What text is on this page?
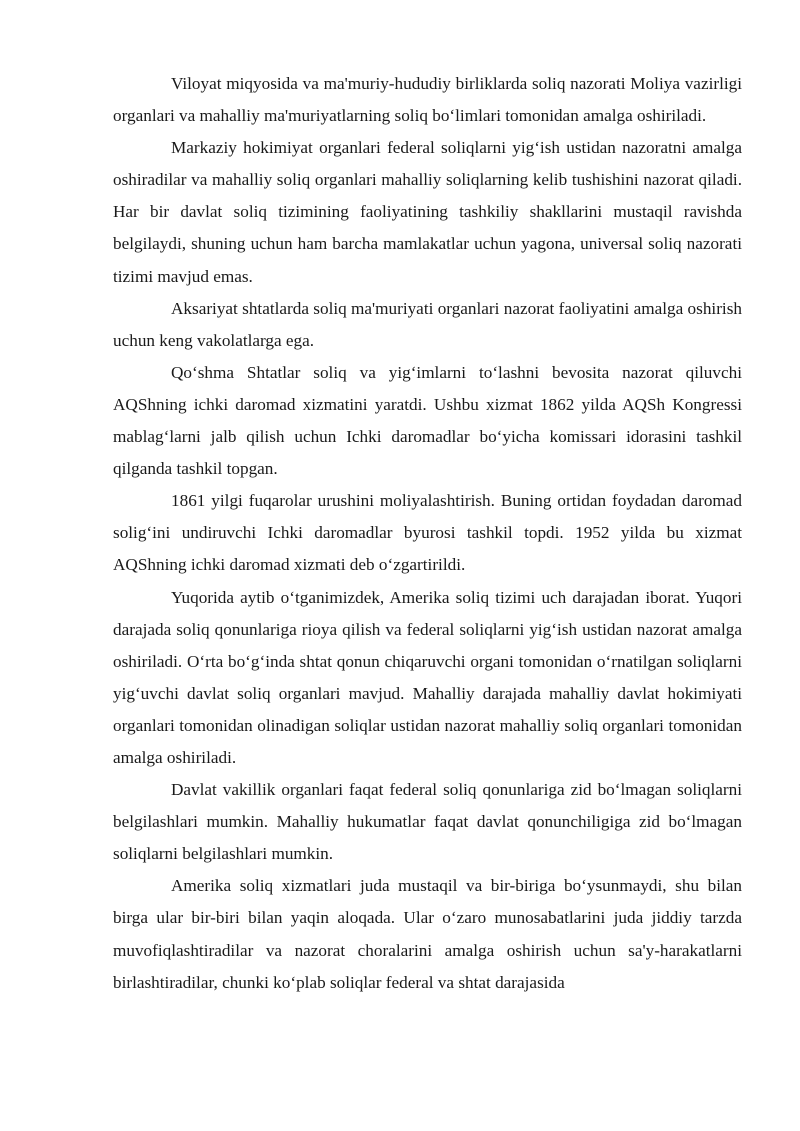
Viloyat miqyosida va ma'muriy-hududiy birliklarda soliq nazorati Moliya vazirligi organlari va mahalliy ma'muriyatlarning soliq bo‘limlari tomonidan amalga oshiriladi.

Markaziy hokimiyat organlari federal soliqlarni yig‘ish ustidan nazoratni amalga oshiradilar va mahalliy soliq organlari mahalliy soliqlarning kelib tushishini nazorat qiladi. Har bir davlat soliq tizimining faoliyatining tashkiliy shakllarini mustaqil ravishda belgilaydi, shuning uchun ham barcha mamlakatlar uchun yagona, universal soliq nazorati tizimi mavjud emas.

Aksariyat shtatlarda soliq ma'muriyati organlari nazorat faoliyatini amalga oshirish uchun keng vakolatlarga ega.

Qo‘shma Shtatlar soliq va yig‘imlarni to‘lashni bevosita nazorat qiluvchi AQShning ichki daromad xizmatini yaratdi. Ushbu xizmat 1862 yilda AQSh Kongressi mablag‘larni jalb qilish uchun Ichki daromadlar bo‘yicha komissari idorasini tashkil qilganda tashkil topgan.

1861 yilgi fuqarolar urushini moliyalashtirish. Buning ortidan foydadan daromad solig‘ini undiruvchi Ichki daromadlar byurosi tashkil topdi. 1952 yilda bu xizmat AQShning ichki daromad xizmati deb o‘zgartirildi.

Yuqorida aytib o‘tganimizdek, Amerika soliq tizimi uch darajadan iborat. Yuqori darajada soliq qonunlariga rioya qilish va federal soliqlarni yig‘ish ustidan nazorat amalga oshiriladi. O‘rta bo‘g‘inda shtat qonun chiqaruvchi organi tomonidan o‘rnatilgan soliqlarni yig‘uvchi davlat soliq organlari mavjud. Mahalliy darajada mahalliy davlat hokimiyati organlari tomonidan olinadigan soliqlar ustidan nazorat mahalliy soliq organlari tomonidan amalga oshiriladi.

Davlat vakillik organlari faqat federal soliq qonunlariga zid bo‘lmagan soliqlarni belgilashlari mumkin. Mahalliy hukumatlar faqat davlat qonunchiligiga zid bo‘lmagan soliqlarni belgilashlari mumkin.

Amerika soliq xizmatlari juda mustaqil va bir-biriga bo‘ysunmaydi, shu bilan birga ular bir-biri bilan yaqin aloqada. Ular o‘zaro munosabatlarini juda jiddiy tarzda muvofiqlashtiradilar va nazorat choralarini amalga oshirish uchun sa'y-harakatlarni birlashtiradilar, chunki ko‘plab soliqlar federal va shtat darajasida
